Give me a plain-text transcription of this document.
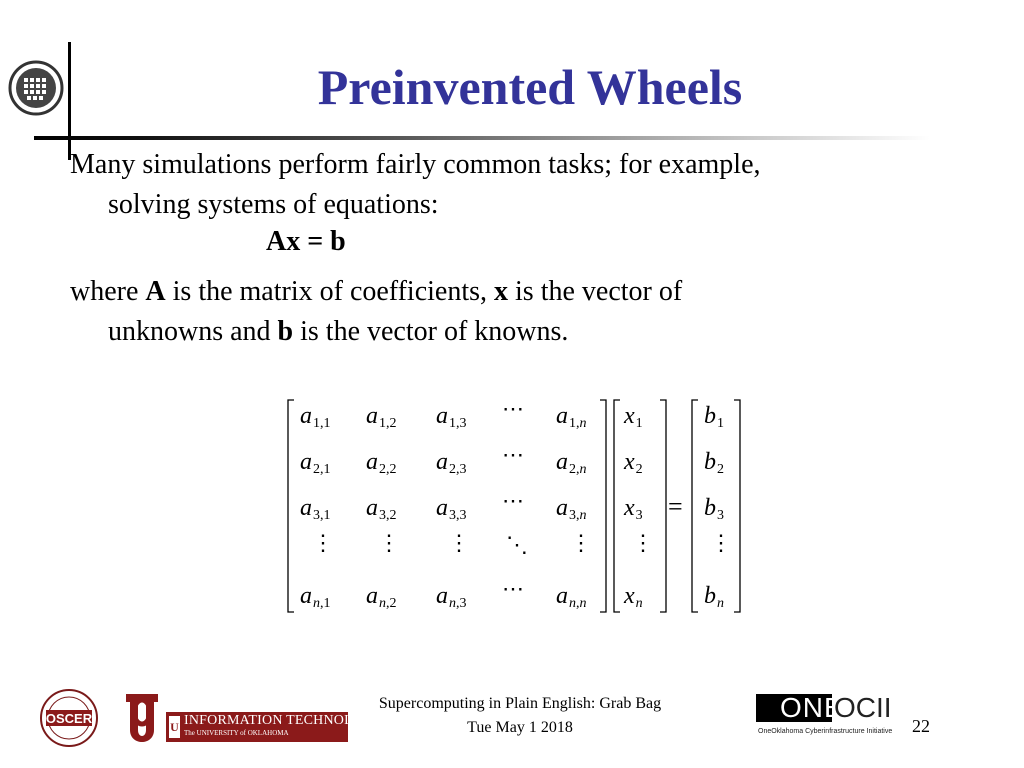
Preinvented Wheels
Many simulations perform fairly common tasks; for example,
solving systems of equations:
Ax = b
where A is the matrix of coefficients, x is the vector of
unknowns and b is the vector of knowns.
$a_{1,1}$ $a_{1,2}$ $a_{1,3}$
⋯ $a_{1,n}$
$a_{2,1}$ $a_{2,2}$ $a_{2,3}$
⋯ $a_{2,n}$
$a_{3,1}$ $a_{3,2}$ $a_{3,3}$
⋯ $a_{3,n}$
⋮ ⋮ ⋮ ⋱ ⋮
$a_{n,1}$ $a_{n,2}$ $a_{n,3}$
⋯ $a_{n,n}$
$x_1$
$x_2$
$x_3$
⋮
$x_n$
=
$b_1$
$b_2$
$b_3$
⋮
$b_n$
OSCER
U INFORMATION TECHNOLOGY
The UNIVERSITY of OKLAHOMA
Supercomputing in Plain English: Grab Bag
Tue May 1 2018
ONE
OCII
OneOklahoma Cyberinfrastructure Initiative 22
